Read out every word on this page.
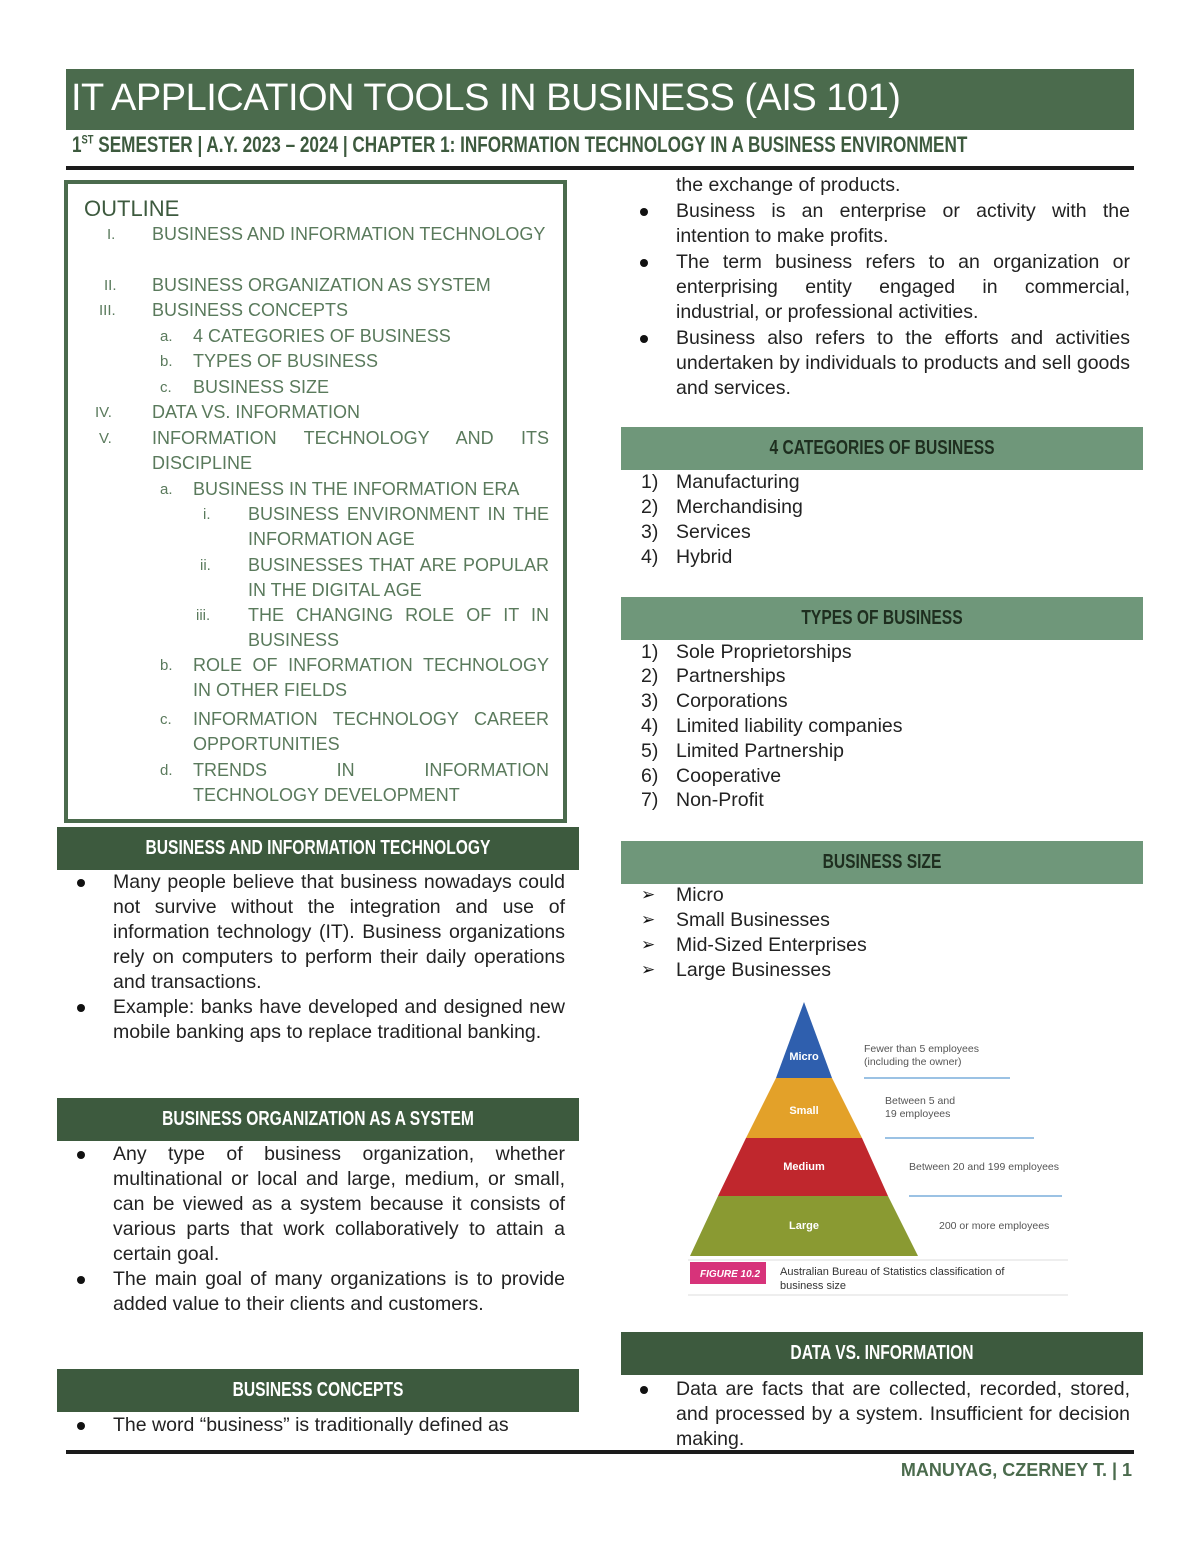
IT APPLICATION TOOLS IN BUSINESS (AIS 101)
1ST SEMESTER | A.Y. 2023 – 2024 | CHAPTER 1: INFORMATION TECHNOLOGY IN A BUSINESS ENVIRONMENT
OUTLINE
I. BUSINESS AND INFORMATION TECHNOLOGY
II. BUSINESS ORGANIZATION AS SYSTEM
III. BUSINESS CONCEPTS
a. 4 CATEGORIES OF BUSINESS
b. TYPES OF BUSINESS
c. BUSINESS SIZE
IV. DATA VS. INFORMATION
V. INFORMATION TECHNOLOGY AND ITS DISCIPLINE
a. BUSINESS IN THE INFORMATION ERA
i. BUSINESS ENVIRONMENT IN THE INFORMATION AGE
ii. BUSINESSES THAT ARE POPULAR IN THE DIGITAL AGE
iii. THE CHANGING ROLE OF IT IN BUSINESS
b. ROLE OF INFORMATION TECHNOLOGY IN OTHER FIELDS
c. INFORMATION TECHNOLOGY CAREER OPPORTUNITIES
d. TRENDS IN INFORMATION TECHNOLOGY DEVELOPMENT
BUSINESS AND INFORMATION TECHNOLOGY
Many people believe that business nowadays could not survive without the integration and use of information technology (IT). Business organizations rely on computers to perform their daily operations and transactions.
Example: banks have developed and designed new mobile banking aps to replace traditional banking.
BUSINESS ORGANIZATION AS A SYSTEM
Any type of business organization, whether multinational or local and large, medium, or small, can be viewed as a system because it consists of various parts that work collaboratively to attain a certain goal.
The main goal of many organizations is to provide added value to their clients and customers.
BUSINESS CONCEPTS
The word “business” is traditionally defined as
the exchange of products.
Business is an enterprise or activity with the intention to make profits.
The term business refers to an organization or enterprising entity engaged in commercial, industrial, or professional activities.
Business also refers to the efforts and activities undertaken by individuals to products and sell goods and services.
4 CATEGORIES OF BUSINESS
1) Manufacturing
2) Merchandising
3) Services
4) Hybrid
TYPES OF BUSINESS
1) Sole Proprietorships
2) Partnerships
3) Corporations
4) Limited liability companies
5) Limited Partnership
6) Cooperative
7) Non-Profit
BUSINESS SIZE
➢ Micro
➢ Small Businesses
➢ Mid-Sized Enterprises
➢ Large Businesses
Micro
Small
Medium
Large
Fewer than 5 employees
(including the owner)
Between 5 and
19 employees
Between 20 and 199 employees
200 or more employees
FIGURE 10.2 Australian Bureau of Statistics classification of
business size
DATA VS. INFORMATION
Data are facts that are collected, recorded, stored, and processed by a system. Insufficient for decision making.
MANUYAG, CZERNEY T. | 1
